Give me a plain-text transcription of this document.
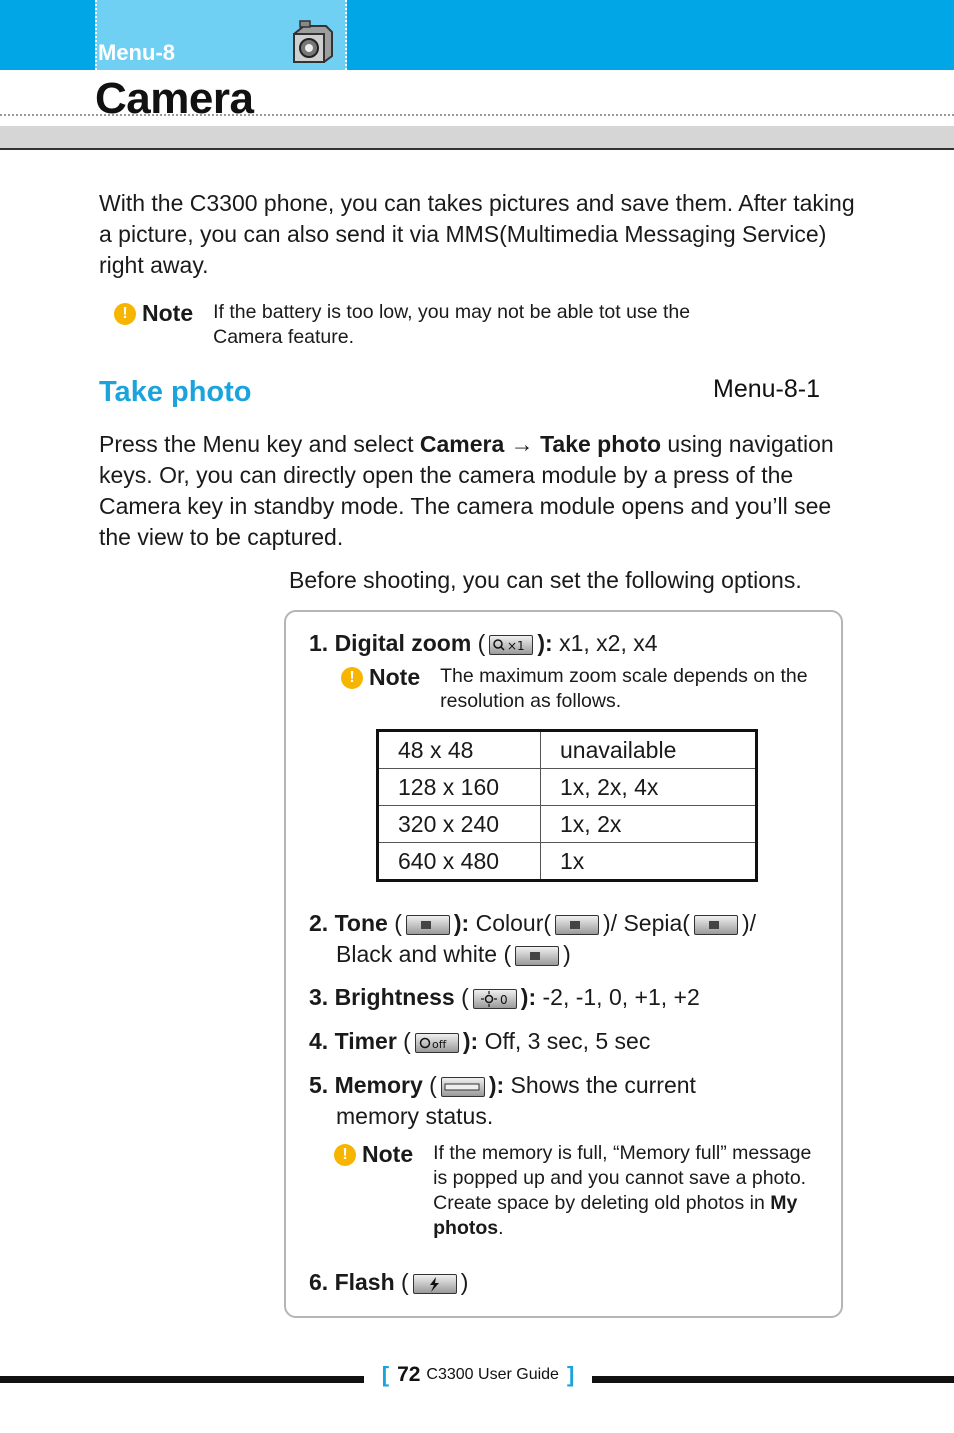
Menu-8
Camera
With the C3300 phone, you can takes pictures and save them. After taking a picture, you can also send it via MMS(Multimedia Messaging Service) right away.
! Note If the battery is too low, you may not be able tot use the Camera feature.
Take photo	Menu-8-1
Press the Menu key and select Camera → Take photo using navigation keys. Or, you can directly open the camera module by a press of the Camera key in standby mode. The camera module opens and you’ll see the view to be captured.
Before shooting, you can set the following options.
1. Digital zoom ( ×1 ): x1, x2, x4
! Note The maximum zoom scale depends on the resolution as follows.
48 x 48	unavailable
128 x 160	1x, 2x, 4x
320 x 240	1x, 2x
640 x 480	1x
2. Tone ( ): Colour( )/ Sepia( )/
Black and white ( )
3. Brightness (	0 ): -2, -1, 0, +1, +2
4. Timer ( off ): Off, 3 sec, 5 sec
5. Memory ( ): Shows the current
memory status.
! Note If the memory is full, “Memory full” message is popped up and you cannot save a photo. Create space by deleting old photos in My photos.
6. Flash ( )
[ 72 C3300 User Guide ]
